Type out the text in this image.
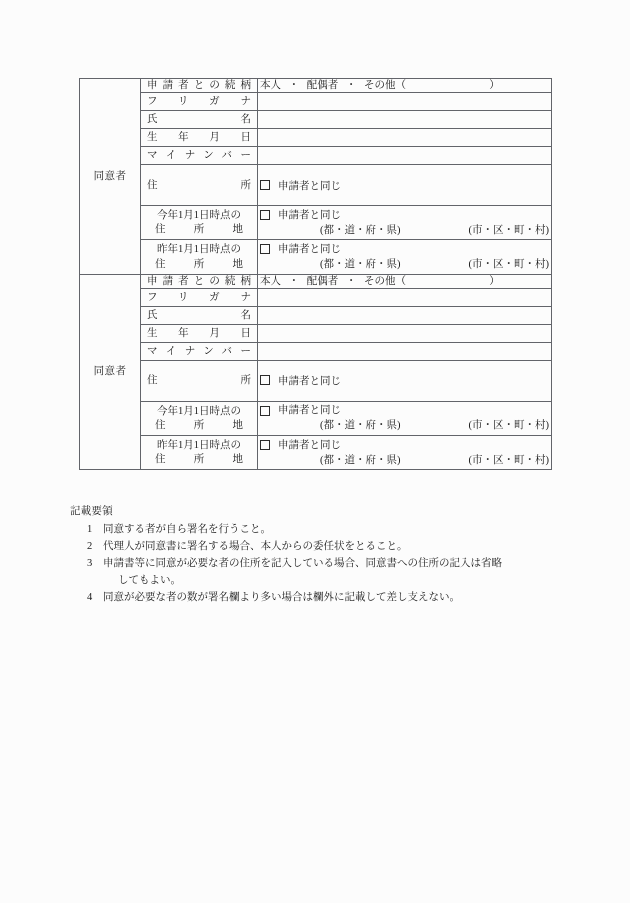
同意者	申請者との続柄	本人 ・ 配偶者 ・ その他（ ）

	フリガナ	

	氏名	

	生年月日	

	マイナンバー	

	住所	申請者と同じ

	今年1月1日時点の
住所地	申請者と同じ
(都・道・府・県) (市・区・町・村)

	昨年1月1日時点の
住所地	申請者と同じ
(都・道・府・県) (市・区・町・村)

同意者	申請者との続柄	本人 ・ 配偶者 ・ その他（ ）

	フリガナ	

	氏名	

	生年月日	

	マイナンバー	

	住所	申請者と同じ

	今年1月1日時点の
住所地	申請者と同じ
(都・道・府・県) (市・区・町・村)

	昨年1月1日時点の
住所地	申請者と同じ
(都・道・府・県) (市・区・町・村)

記載要領

1	同意する者が自ら署名を行うこと。
2	代理人が同意書に署名する場合、本人からの委任状をとること。
3	申請書等に同意が必要な者の住所を記入している場合、同意書への住所の記入は省略
してもよい。
4	同意が必要な者の数が署名欄より多い場合は欄外に記載して差し支えない。
